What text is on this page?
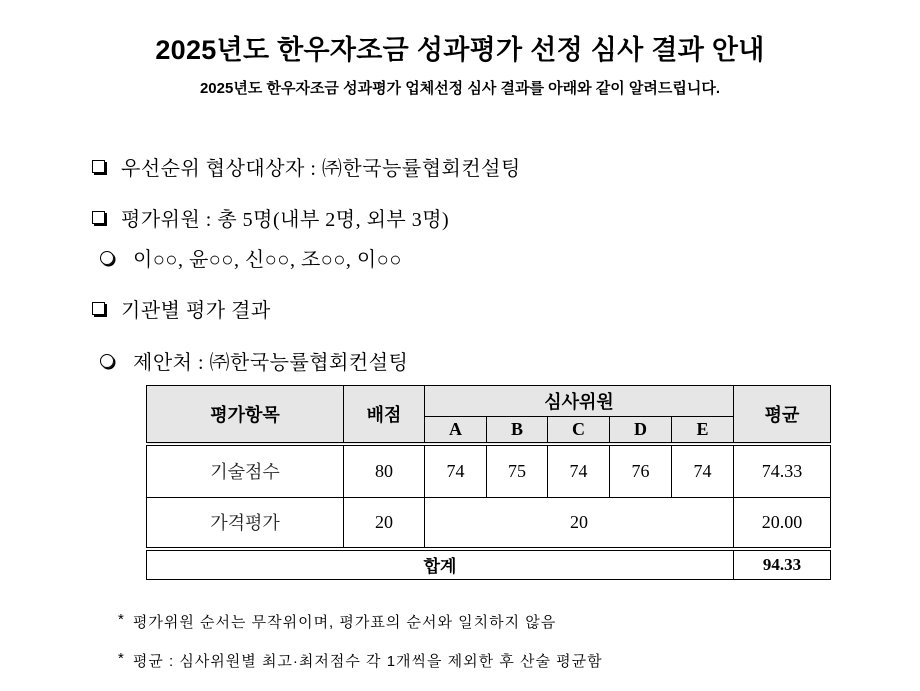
2025년도 한우자조금 성과평가 선정 심사 결과 안내
2025년도 한우자조금 성과평가 업체선정 심사 결과를 아래와 같이 알려드립니다.
우선순위 협상대상자 : ㈜한국능률협회컨설팅
평가위원 : 총 5명(내부 2명, 외부 3명)
이○○, 윤○○, 신○○, 조○○, 이○○
기관별 평가 결과
제안처 : ㈜한국능률협회컨설팅
평가항목	배점	심사위원					평균
		A	B	C	D	E	
기술점수	80	74	75	74	76	74	74.33
가격평가	20	20					20.00
합계							94.33
* 평가위원 순서는 무작위이며, 평가표의 순서와 일치하지 않음
* 평균 : 심사위원별 최고·최저점수 각 1개씩을 제외한 후 산술 평균함
